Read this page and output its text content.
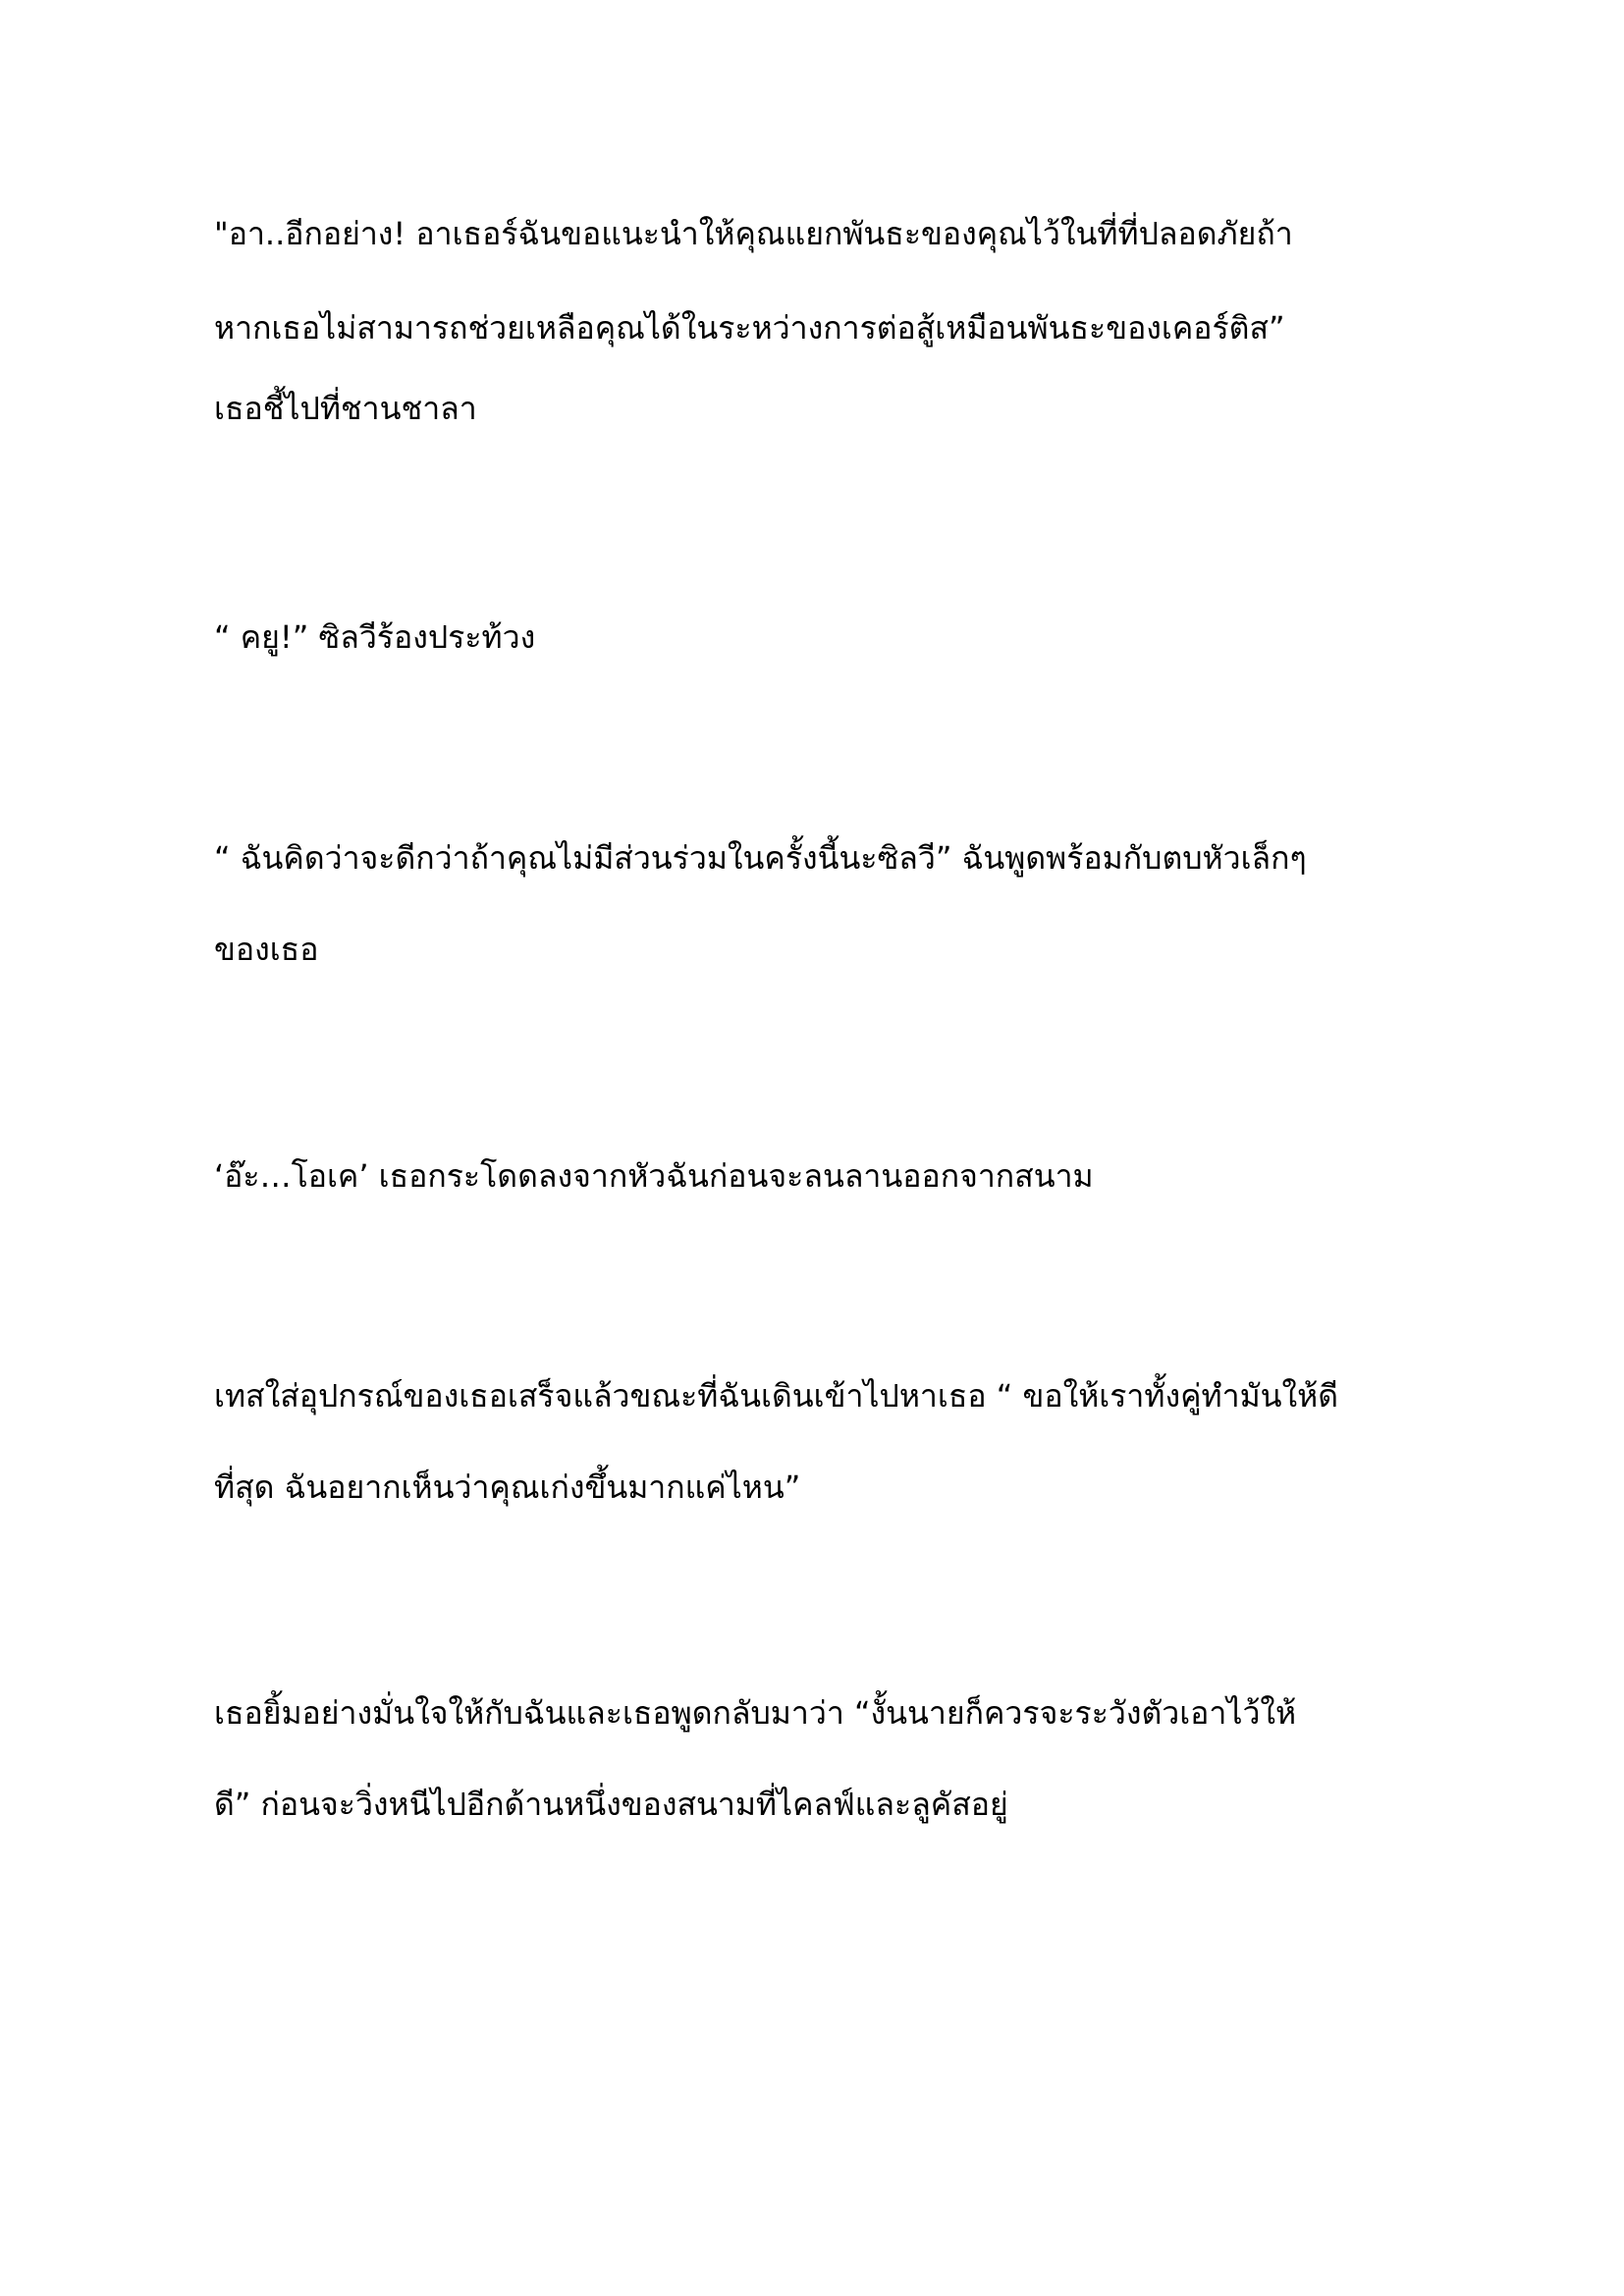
"อา..อีกอย่าง! อาเธอร์ฉันขอแนะนำให้คุณแยกพันธะของคุณไว้ในที่ที่ปลอดภัยถ้า
หากเธอไม่สามารถช่วยเหลือคุณได้ในระหว่างการต่อสู้เหมือนพันธะของเคอร์ติส”
เธอชี้ไปที่ชานชาลา
“ คยู!” ซิลวีร้องประท้วง
“ ฉันคิดว่าจะดีกว่าถ้าคุณไม่มีส่วนร่วมในครั้งนี้นะซิลวี” ฉันพูดพร้อมกับตบหัวเล็กๆ
ของเธอ
‘อ๊ะ…โอเค’ เธอกระโดดลงจากหัวฉันก่อนจะลนลานออกจากสนาม
เทสใส่อุปกรณ์ของเธอเสร็จแล้วขณะที่ฉันเดินเข้าไปหาเธอ “ ขอให้เราทั้งคู่ทำมันให้ดี
ที่สุด ฉันอยากเห็นว่าคุณเก่งขึ้นมากแค่ไหน”
เธอยิ้มอย่างมั่นใจให้กับฉันและเธอพูดกลับมาว่า “งั้นนายก็ควรจะระวังตัวเอาไว้ให้
ดี” ก่อนจะวิ่งหนีไปอีกด้านหนึ่งของสนามที่ไคลฟ์และลูคัสอยู่
